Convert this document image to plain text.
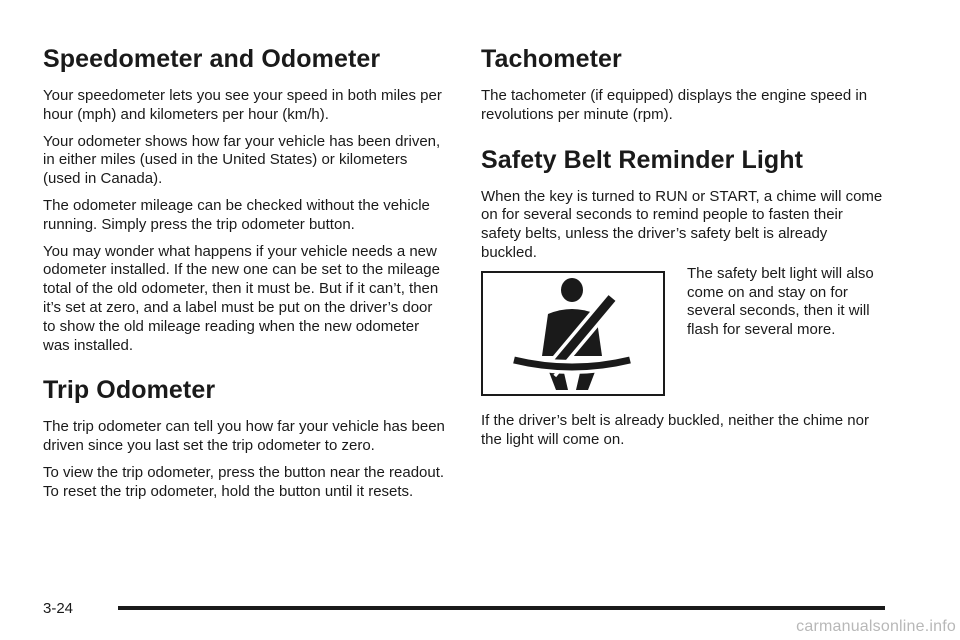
Speedometer and Odometer

Your speedometer lets you see your speed in both miles per hour (mph) and kilometers per hour (km/h).

Your odometer shows how far your vehicle has been driven, in either miles (used in the United States) or kilometers (used in Canada).

The odometer mileage can be checked without the vehicle running. Simply press the trip odometer button.

You may wonder what happens if your vehicle needs a new odometer installed. If the new one can be set to the mileage total of the old odometer, then it must be. But if it can’t, then it’s set at zero, and a label must be put on the driver’s door to show the old mileage reading when the new odometer was installed.

Trip Odometer

The trip odometer can tell you how far your vehicle has been driven since you last set the trip odometer to zero.

To view the trip odometer, press the button near the readout. To reset the trip odometer, hold the button until it resets.

Tachometer

The tachometer (if equipped) displays the engine speed in revolutions per minute (rpm).

Safety Belt Reminder Light

When the key is turned to RUN or START, a chime will come on for several seconds to remind people to fasten their safety belts, unless the driver’s safety belt is already buckled.

The safety belt light will also come on and stay on for several seconds, then it will flash for several more.

If the driver’s belt is already buckled, neither the chime nor the light will come on.

3-24
carmanualsonline.info
